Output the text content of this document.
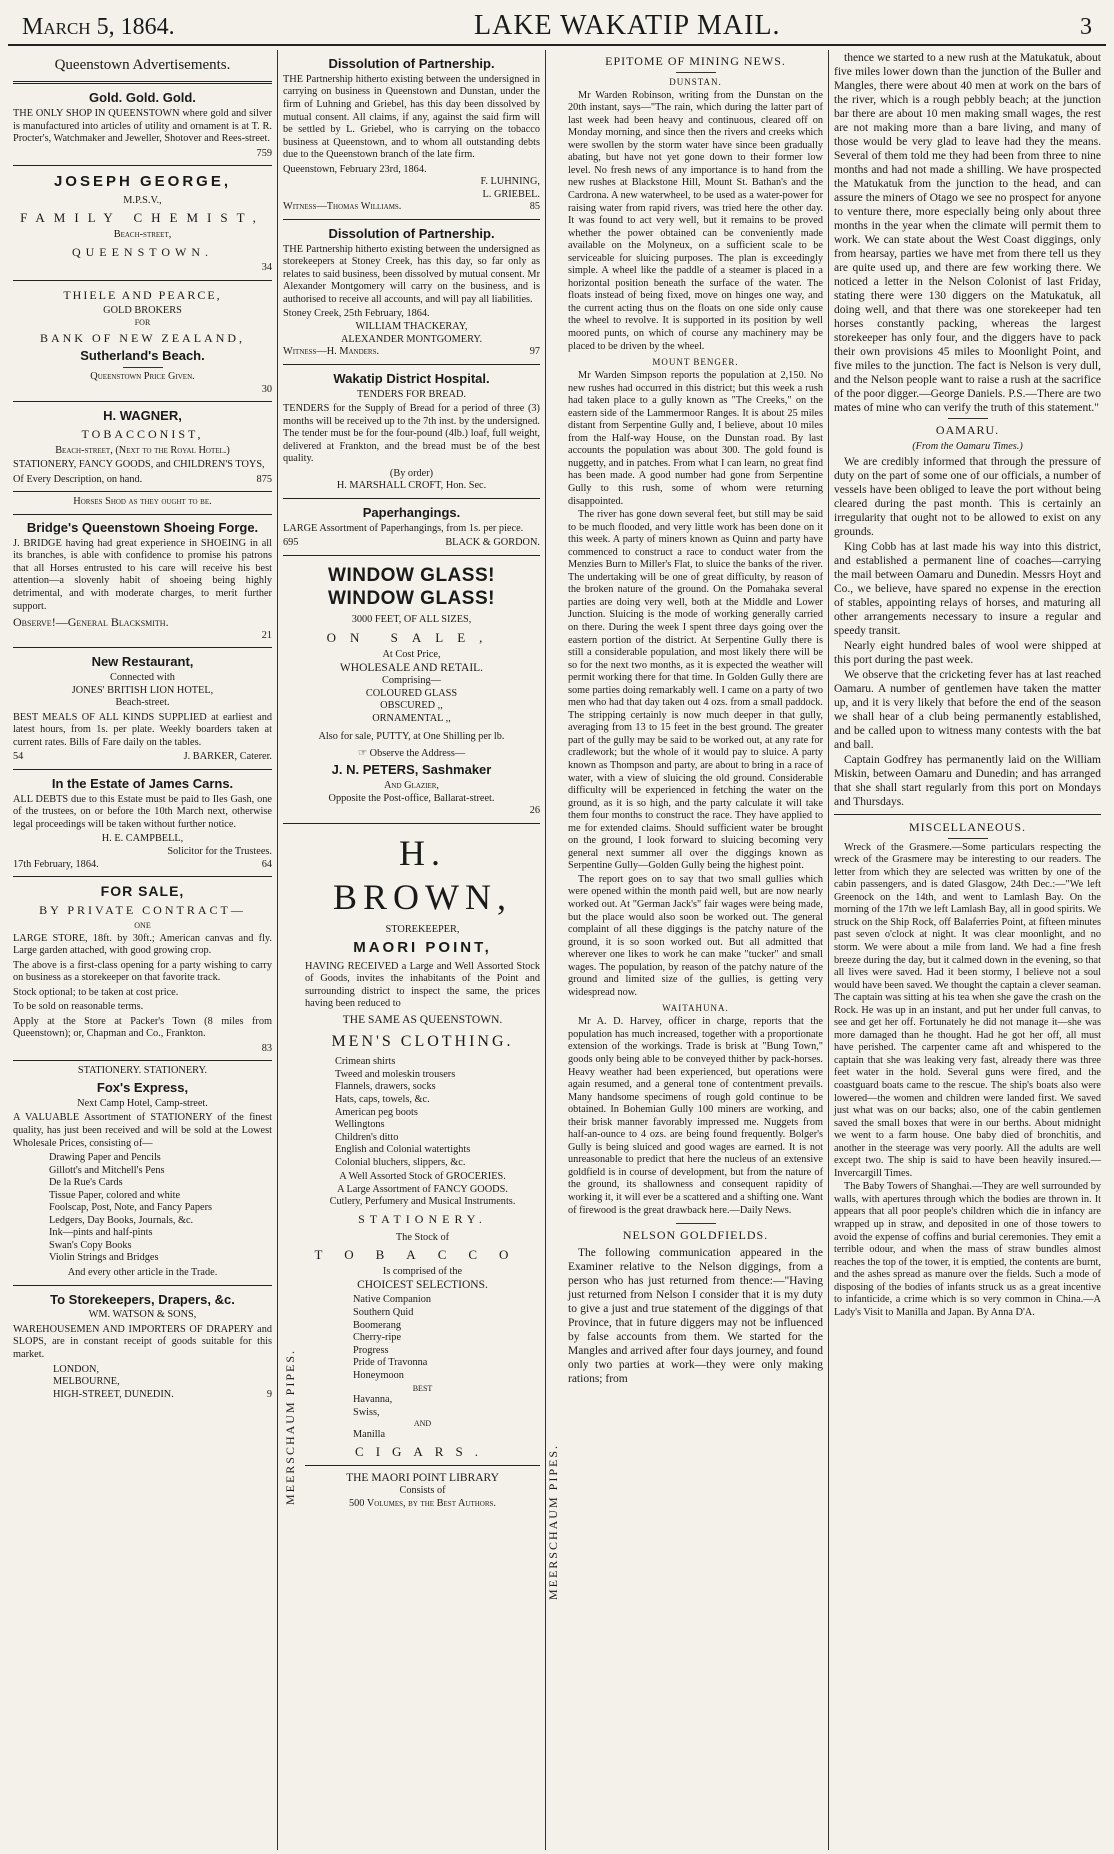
March 5, 1864.	LAKE WAKATIP MAIL.	3
Queenstown Advertisements.
Gold. Gold. Gold.
THE ONLY SHOP IN QUEENSTOWN where gold and silver is manufactured into articles of utility and ornament is at T. R. Procter's, Watchmaker and Jeweller, Shotover and Rees-street.
759
JOSEPH GEORGE,
M.P.S.V.,
FAMILY CHEMIST,
Beach-street,
QUEENSTOWN.
34
THIELE AND PEARCE,
GOLD BROKERS
FOR
BANK OF NEW ZEALAND,
Sutherland's Beach.
Queenstown Price Given.
30
H. WAGNER,
TOBACCONIST,
Beach-street, (Next to the Royal Hotel.)
STATIONERY, FANCY GOODS, and CHILDREN'S TOYS,
Of Every Description, on hand.	875
Horses Shod as they ought to be.
Bridge's Queenstown Shoeing Forge.
J. BRIDGE having had great experience in SHOEING in all its branches, is able with confidence to promise his patrons that all Horses entrusted to his care will receive his best attention—a slovenly habit of shoeing being highly detrimental, and with moderate charges, to merit further support.
Observe!—General Blacksmith.
21
New Restaurant,
Connected with
JONES' BRITISH LION HOTEL,
Beach-street.
BEST MEALS OF ALL KINDS SUPPLIED at earliest and latest hours, from 1s. per plate. Weekly boarders taken at current rates. Bills of Fare daily on the tables.
54	J. BARKER, Caterer.
In the Estate of James Carns.
ALL DEBTS due to this Estate must be paid to Iles Gash, one of the trustees, on or before the 10th March next, otherwise legal proceedings will be taken without further notice.
H. E. CAMPBELL,
Solicitor for the Trustees.
17th February, 1864.	64
FOR SALE,
BY PRIVATE CONTRACT—
ONE
LARGE STORE, 18ft. by 30ft.; American canvas and fly. Large garden attached, with good growing crop.
The above is a first-class opening for a party wishing to carry on business as a storekeeper on that favorite track.
Stock optional; to be taken at cost price.
To be sold on reasonable terms.
Apply at the Store at Packer's Town (8 miles from Queenstown); or, Chapman and Co., Frankton.
83
STATIONERY. STATIONERY.
Fox's Express,
Next Camp Hotel, Camp-street.
A VALUABLE Assortment of STATIONERY of the finest quality, has just been received and will be sold at the Lowest Wholesale Prices, consisting of—
Drawing Paper and Pencils
Gillott's and Mitchell's Pens
De la Rue's Cards
Tissue Paper, colored and white
Foolscap, Post, Note, and Fancy Papers
Ledgers, Day Books, Journals, &c.
Ink—pints and half-pints
Swan's Copy Books
Violin Strings and Bridges
And every other article in the Trade.
To Storekeepers, Drapers, &c.
WM. WATSON & SONS,
WAREHOUSEMEN AND IMPORTERS OF DRAPERY and SLOPS, are in constant receipt of goods suitable for this market.
LONDON,
MELBOURNE,
HIGH-STREET, DUNEDIN.	9
Dissolution of Partnership.
THE Partnership hitherto existing between the undersigned in carrying on business in Queenstown and Dunstan, under the firm of Luhning and Griebel, has this day been dissolved by mutual consent. All claims, if any, against the said firm will be settled by L. Griebel, who is carrying on the tobacco business at Queenstown, and to whom all outstanding debts due to the Queenstown branch of the late firm.
Queenstown, February 23rd, 1864.
F. LUHNING,
L. GRIEBEL.
Witness—Thomas Williams.	85
Dissolution of Partnership.
THE Partnership hitherto existing between the undersigned as storekeepers at Stoney Creek, has this day, so far only as relates to said business, been dissolved by mutual consent. Mr Alexander Montgomery will carry on the business, and is authorised to receive all accounts, and will pay all liabilities.
Stoney Creek, 25th February, 1864.
WILLIAM THACKERAY,
ALEXANDER MONTGOMERY.
Witness—H. Manders.	97
Wakatip District Hospital.
TENDERS FOR BREAD.
TENDERS for the Supply of Bread for a period of three (3) months will be received up to the 7th inst. by the undersigned. The tender must be for the four-pound (4lb.) loaf, full weight, delivered at Frankton, and the bread must be of the best quality.
(By order)
H. MARSHALL CROFT, Hon. Sec.
Paperhangings.
LARGE Assortment of Paperhangings, from 1s. per piece.
695	BLACK & GORDON.
WINDOW GLASS! WINDOW GLASS!
3000 FEET, OF ALL SIZES,
ON SALE,
At Cost Price,
WHOLESALE AND RETAIL.
Comprising—
COLOURED GLASS
OBSCURED ,,
ORNAMENTAL ,,
Also for sale, PUTTY, at One Shilling per lb.
☞ Observe the Address—
J. N. PETERS, Sashmaker
And Glazier,
Opposite the Post-office, Ballarat-street.
26
MEERSCHAUM PIPES.
H. BROWN,
STOREKEEPER,
MAORI POINT,
HAVING RECEIVED a Large and Well Assorted Stock of Goods, invites the inhabitants of the Point and surrounding district to inspect the same, the prices having been reduced to
THE SAME AS QUEENSTOWN.
MEN'S CLOTHING.
Crimean shirts
Tweed and moleskin trousers
Flannels, drawers, socks
Hats, caps, towels, &c.
American peg boots
Wellingtons
Children's ditto
English and Colonial watertights
Colonial bluchers, slippers, &c.
A Well Assorted Stock of GROCERIES.
A Large Assortment of FANCY GOODS.
Cutlery, Perfumery and Musical Instruments.
STATIONERY.
The Stock of
TOBACCO
Is comprised of the
CHOICEST SELECTIONS.
Native Companion
Southern Quid
Boomerang
Cherry-ripe
Progress
Pride of Travonna
Honeymoon
BEST
Havanna,
Swiss,
AND
Manilla
CIGARS.
THE MAORI POINT LIBRARY
Consists of
500 Volumes, by the Best Authors.	MEERSCHAUM PIPES.
EPITOME OF MINING NEWS.
DUNSTAN.
Mr Warden Robinson, writing from the Dunstan on the 20th instant, says—"The rain, which during the latter part of last week had been heavy and continuous, cleared off on Monday morning, and since then the rivers and creeks which were swollen by the storm water have since been gradually abating, but have not yet gone down to their former low level. No fresh news of any importance is to hand from the new rushes at Blackstone Hill, Mount St. Bathan's and the Cardrona. A new waterwheel, to be used as a water-power for raising water from rapid rivers, was tried here the other day. It was found to act very well, but it remains to be proved whether the power obtained can be conveniently made available on the Molyneux, on a sufficient scale to be serviceable for sluicing purposes. The plan is exceedingly simple. A wheel like the paddle of a steamer is placed in a horizontal position beneath the surface of the water. The floats instead of being fixed, move on hinges one way, and the current acting thus on the floats on one side only cause the wheel to revolve. It is supported in its position by well moored punts, on which of course any machinery may be placed to be driven by the wheel.
MOUNT BENGER.
Mr Warden Simpson reports the population at 2,150. No new rushes had occurred in this district; but this week a rush had taken place to a gully known as "The Creeks," on the eastern side of the Lammermoor Ranges. It is about 25 miles distant from Serpentine Gully and, I believe, about 10 miles from the Half-way House, on the Dunstan road. By last accounts the population was about 300. The gold found is nuggetty, and in patches. From what I can learn, no great find has been made. A good number had gone from Serpentine Gully to this rush, some of whom were returning disappointed.
The river has gone down several feet, but still may be said to be much flooded, and very little work has been done on it this week. A party of miners known as Quinn and party have commenced to construct a race to conduct water from the Menzies Burn to Miller's Flat, to sluice the banks of the river. The undertaking will be one of great difficulty, by reason of the broken nature of the ground. On the Pomahaka several parties are doing very well, both at the Middle and Lower Junction. Sluicing is the mode of working generally carried on there. During the week I spent three days going over the eastern portion of the district. At Serpentine Gully there is still a considerable population, and most likely there will be so for the next two months, as it is expected the weather will permit working there for that time. In Golden Gully there are some parties doing remarkably well. I came on a party of two men who had that day taken out 4 ozs. from a small paddock. The stripping certainly is now much deeper in that gully, averaging from 13 to 15 feet in the best ground. The greater part of the gully may be said to be worked out, at any rate for cradlework; but the whole of it would pay to sluice. A party known as Thompson and party, are about to bring in a race of water, with a view of sluicing the old ground. Considerable difficulty will be experienced in fetching the water on the ground, as it is so high, and the party calculate it will take them four months to construct the race. They have applied to me for extended claims. Should sufficient water be brought on the ground, I look forward to sluicing becoming very general next summer all over the diggings known as Serpentine Gully—Golden Gully being the highest point.
The report goes on to say that two small gullies which were opened within the month paid well, but are now nearly worked out. At "German Jack's" fair wages were being made, but the place would also soon be worked out. The general complaint of all these diggings is the patchy nature of the ground, it is so soon worked out. But all admitted that wherever one likes to work he can make "tucker" and small wages. The population, by reason of the patchy nature of the ground and limited size of the gullies, is getting very widespread now.
WAITAHUNA.
Mr A. D. Harvey, officer in charge, reports that the population has much increased, together with a proportionate extension of the workings. Trade is brisk at "Bung Town," goods only being able to be conveyed thither by pack-horses. Heavy weather had been experienced, but operations were again resumed, and a general tone of contentment prevails. Many handsome specimens of rough gold continue to be obtained. In Bohemian Gully 100 miners are working, and their brisk manner favorably impressed me. Nuggets from half-an-ounce to 4 ozs. are being found frequently. Bolger's Gully is being sluiced and good wages are earned. It is not unreasonable to predict that here the nucleus of an extensive goldfield is in course of development, but from the nature of the ground, its shallowness and consequent rapidity of working it, it will ever be a scattered and a shifting one. Want of firewood is the great drawback here.—Daily News.
NELSON GOLDFIELDS.
The following communication appeared in the Examiner relative to the Nelson diggings, from a person who has just returned from thence:—"Having just returned from Nelson I consider that it is my duty to give a just and true statement of the diggings of that Province, that in future diggers may not be influenced by false accounts from them. We started for the Mangles and arrived after four days journey, and found only two parties at work—they were only making rations; from
thence we started to a new rush at the Matukatuk, about five miles lower down than the junction of the Buller and Mangles, there were about 40 men at work on the bars of the river, which is a rough pebbly beach; at the junction bar there are about 10 men making small wages, the rest are not making more than a bare living, and many of those would be very glad to leave had they the means. Several of them told me they had been from three to nine months and had not made a shilling. We have prospected the Matukatuk from the junction to the head, and can assure the miners of Otago we see no prospect for anyone to venture there, more especially being only about three months in the year when the climate will permit them to work. We can state about the West Coast diggings, only from hearsay, parties we have met from there tell us they are quite used up, and there are few working there. We noticed a letter in the Nelson Colonist of last Friday, stating there were 130 diggers on the Matukatuk, all doing well, and that there was one storekeeper had ten horses constantly packing, whereas the largest storekeeper has only four, and the diggers have to pack their own provisions 45 miles to Moonlight Point, and five miles to the junction. The fact is Nelson is very dull, and the Nelson people want to raise a rush at the sacrifice of the poor digger.—George Daniels. P.S.—There are two mates of mine who can verify the truth of this statement."
OAMARU.
(From the Oamaru Times.)
We are credibly informed that through the pressure of duty on the part of some one of our officials, a number of vessels have been obliged to leave the port without being cleared during the past month. This is certainly an irregularity that ought not to be allowed to exist on any grounds.
King Cobb has at last made his way into this district, and established a permanent line of coaches—carrying the mail between Oamaru and Dunedin. Messrs Hoyt and Co., we believe, have spared no expense in the erection of stables, appointing relays of horses, and maturing all other arrangements necessary to insure a regular and speedy transit.
Nearly eight hundred bales of wool were shipped at this port during the past week.
We observe that the cricketing fever has at last reached Oamaru. A number of gentlemen have taken the matter up, and it is very likely that before the end of the season we shall hear of a club being permanently established, and be called upon to witness many contests with the bat and ball.
Captain Godfrey has permanently laid on the William Miskin, between Oamaru and Dunedin; and has arranged that she shall start regularly from this port on Mondays and Thursdays.
MISCELLANEOUS.
Wreck of the Grasmere.—Some particulars respecting the wreck of the Grasmere may be interesting to our readers. The letter from which they are selected was written by one of the cabin passengers, and is dated Glasgow, 24th Dec.:—"We left Greenock on the 14th, and went to Lamlash Bay. On the morning of the 17th we left Lamlash Bay, all in good spirits. We struck on the Ship Rock, off Balaferries Point, at fifteen minutes past seven o'clock at night. It was clear moonlight, and no storm. We were about a mile from land. We had a fine fresh breeze during the day, but it calmed down in the evening, so that all lives were saved. Had it been stormy, I believe not a soul would have been saved. We thought the captain a clever seaman. The captain was sitting at his tea when she gave the crash on the Rock. He was up in an instant, and put her under full canvas, to see and get her off. Fortunately he did not manage it—she was more damaged than he thought. Had he got her off, all must have perished. The carpenter came aft and whispered to the captain that she was leaking very fast, already there was three feet water in the hold. Several guns were fired, and the coastguard boats came to the rescue. The ship's boats also were lowered—the women and children were landed first. We saved just what was on our backs; also, one of the cabin gentlemen saved the small boxes that were in our berths. About midnight we went to a farm house. One baby died of bronchitis, and another in the steerage was very poorly. All the adults are well except two. The ship is said to have been heavily insured.—Invercargill Times.
The Baby Towers of Shanghai.—They are well surrounded by walls, with apertures through which the bodies are thrown in. It appears that all poor people's children which die in infancy are wrapped up in straw, and deposited in one of those towers to avoid the expense of coffins and burial ceremonies. They emit a terrible odour, and when the mass of straw bundles almost reaches the top of the tower, it is emptied, the contents are burnt, and the ashes spread as manure over the fields. Such a mode of disposing of the bodies of infants struck us as a great incentive to infanticide, a crime which is so very common in China.—A Lady's Visit to Manilla and Japan. By Anna D'A.
